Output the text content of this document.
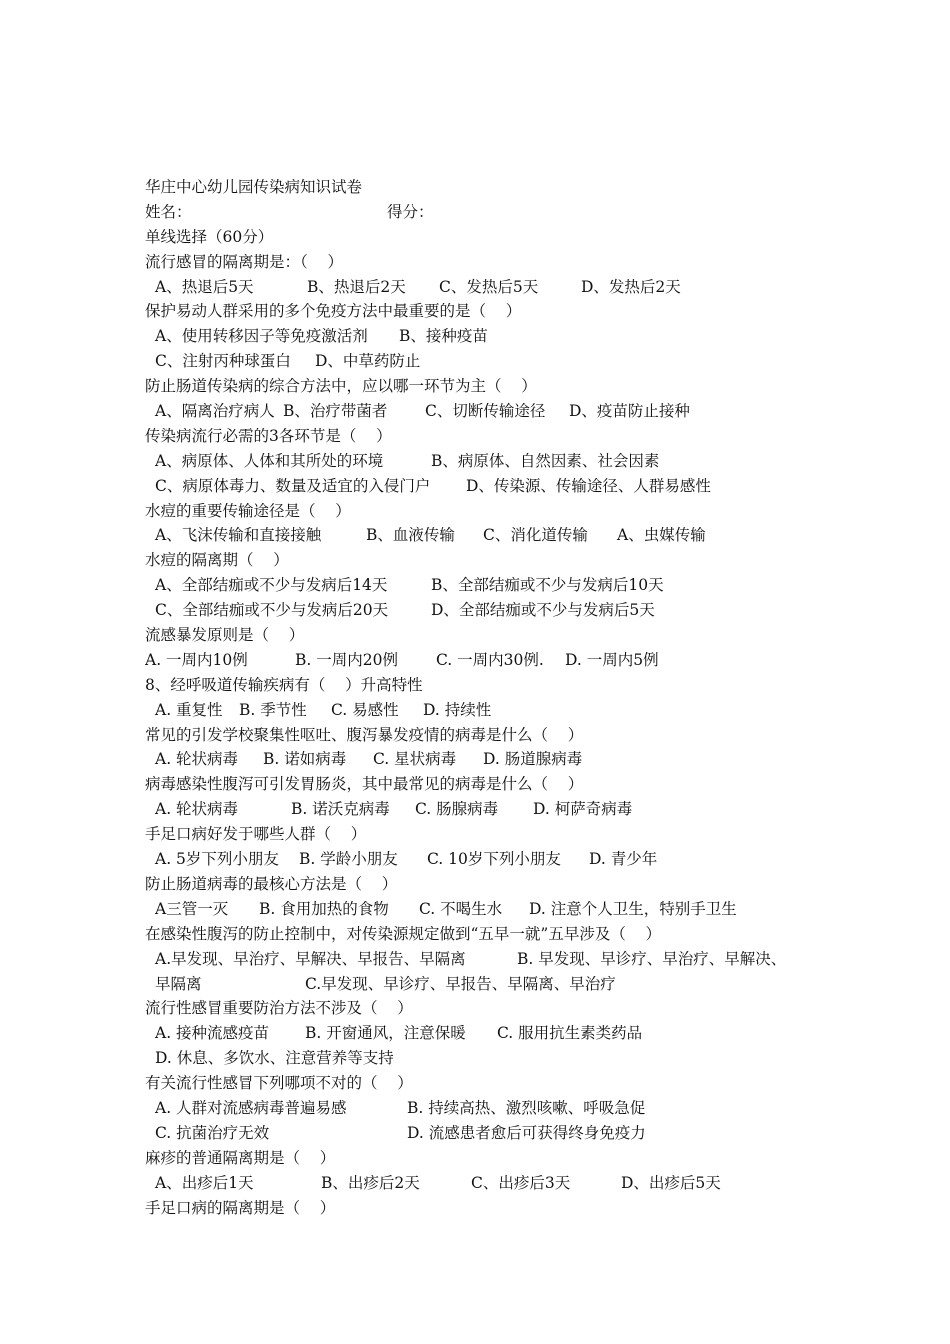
华庄中心幼儿园传染病知识试卷
姓名：	得分：
单线选择（60分）
流行感冒的隔离期是：（    ）
A、热退后5天	B、热退后2天 C、发热后5天	D、发热后2天
保护易动人群采用的多个免疫方法中最重要的是（    ）
A、使用转移因子等免疫激活剂 B、接种疫苗
C、注射丙种球蛋白 D、中草药防止
防止肠道传染病的综合方法中，应以哪一环节为主（    ）
A、隔离治疗病人 B、治疗带菌者 C、切断传输途径 D、疫苗防止接种
传染病流行必需的3各环节是（    ）
A、病原体、人体和其所处的环境	B、病原体、自然因素、社会因素
C、病原体毒力、数量及适宜的入侵门户 D、传染源、传输途径、人群易感性
水痘的重要传输途径是（    ）
A、飞沫传输和直接接触	B、血液传输 C、消化道传输 A、虫媒传输
水痘的隔离期（    ）
A、全部结痂或不少与发病后14天	B、全部结痂或不少与发病后10天
C、全部结痂或不少与发病后20天	D、全部结痂或不少与发病后5天
流感暴发原则是（    ）
A. 一周内10例	B. 一周内20例 C. 一周内30例. D. 一周内5例
8、经呼吸道传输疾病有（    ）升高特性
A. 重复性 B. 季节性 C. 易感性 D. 持续性
常见的引发学校聚集性呕吐、腹泻暴发疫情的病毒是什么（    ）
A. 轮状病毒 B. 诺如病毒 C. 星状病毒 D. 肠道腺病毒
病毒感染性腹泻可引发胃肠炎，其中最常见的病毒是什么（    ）
A. 轮状病毒	B. 诺沃克病毒 C. 肠腺病毒 D. 柯萨奇病毒
手足口病好发于哪些人群（    ）
A. 5岁下列小朋友 B. 学龄小朋友 C. 10岁下列小朋友 D. 青少年
防止肠道病毒的最核心方法是（    ）
A三管一灭 B. 食用加热的食物 C. 不喝生水 D. 注意个人卫生，特别手卫生
在感染性腹泻的防止控制中，对传染源规定做到“五早一就”五早涉及（    ）
A.早发现、早治疗、早解决、早报告、早隔离	B. 早发现、早诊疗、早治疗、早解决、
早隔离	C.早发现、早诊疗、早报告、早隔离、早治疗
流行性感冒重要防治方法不涉及（    ）
A. 接种流感疫苗 B. 开窗通风，注意保暖 C. 服用抗生素类药品
D. 休息、多饮水、注意营养等支持
有关流行性感冒下列哪项不对的（    ）
A. 人群对流感病毒普遍易感	B. 持续高热、激烈咳嗽、呼吸急促
C. 抗菌治疗无效	D. 流感患者愈后可获得终身免疫力
麻疹的普通隔离期是（    ）
A、出疹后1天	B、出疹后2天	C、出疹后3天	D、出疹后5天
手足口病的隔离期是（    ）
